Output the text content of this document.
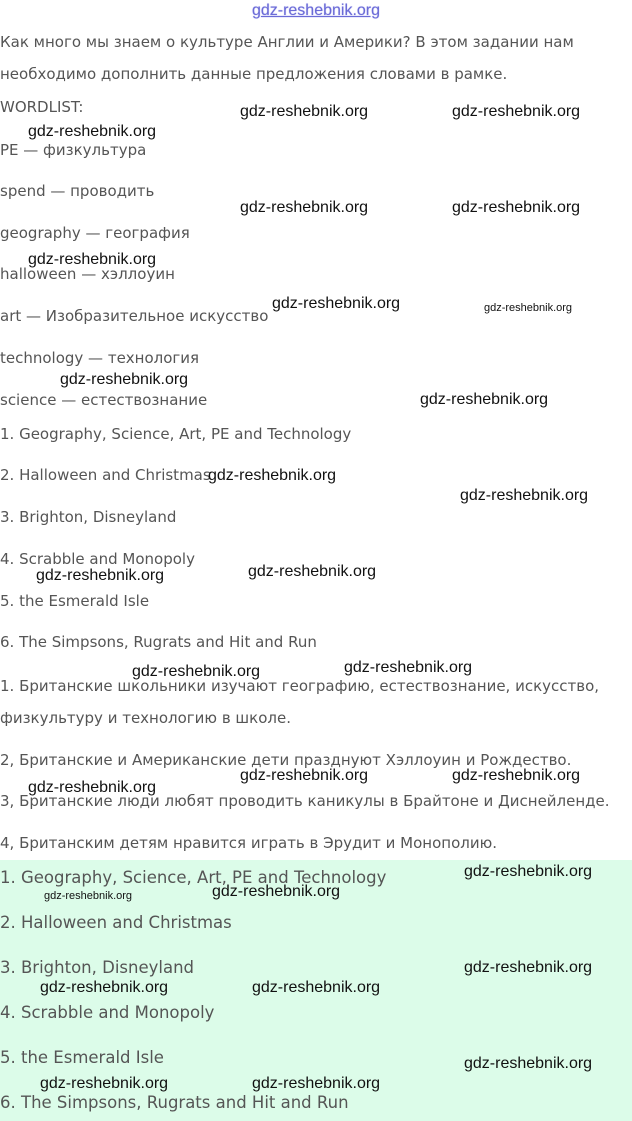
gdz-reshebnik.org
Как много мы знаем о культуре Англии и Америки? В этом задании нам
необходимо дополнить данные предложения словами в рамке.
WORDLIST:
PE — физкультура
spend — проводить
geography — география
halloween — хэллоуин
art — Изобразительное искусство
technology — технология
science — естествознание
1. Geography, Science, Art, PE and Technology
2. Halloween and Christmas
3. Brighton, Disneyland
4. Scrabble and Monopoly
5. the Esmerald Isle
6. The Simpsons, Rugrats and Hit and Run
1. Британские школьники изучают географию, естествознание, искусство,
физкультуру и технологию в школе.
2, Британские и Американские дети празднуют Хэллоуин и Рождество.
3, Британские люди любят проводить каникулы в Брайтоне и Диснейленде.
4, Британским детям нравится играть в Эрудит и Монополию.
1. Geography, Science, Art, PE and Technology
2. Halloween and Christmas
3. Brighton, Disneyland
4. Scrabble and Monopoly
5. the Esmerald Isle
6. The Simpsons, Rugrats and Hit and Run
gdz-reshebnik.org	gdz-reshebnik.org
gdz-reshebnik.org
gdz-reshebnik.org	gdz-reshebnik.org
gdz-reshebnik.org
gdz-reshebnik.org	gdz-reshebnik.org
gdz-reshebnik.org
gdz-reshebnik.org
gdz-reshebnik.org
gdz-reshebnik.org
gdz-reshebnik.org
gdz-reshebnik.org
gdz-reshebnik.org
gdz-reshebnik.org
gdz-reshebnik.org	gdz-reshebnik.org
gdz-reshebnik.org
gdz-reshebnik.org
gdz-reshebnik.org
gdz-reshebnik.org
gdz-reshebnik.org
gdz-reshebnik.org	gdz-reshebnik.org
gdz-reshebnik.org
gdz-reshebnik.org	gdz-reshebnik.org
